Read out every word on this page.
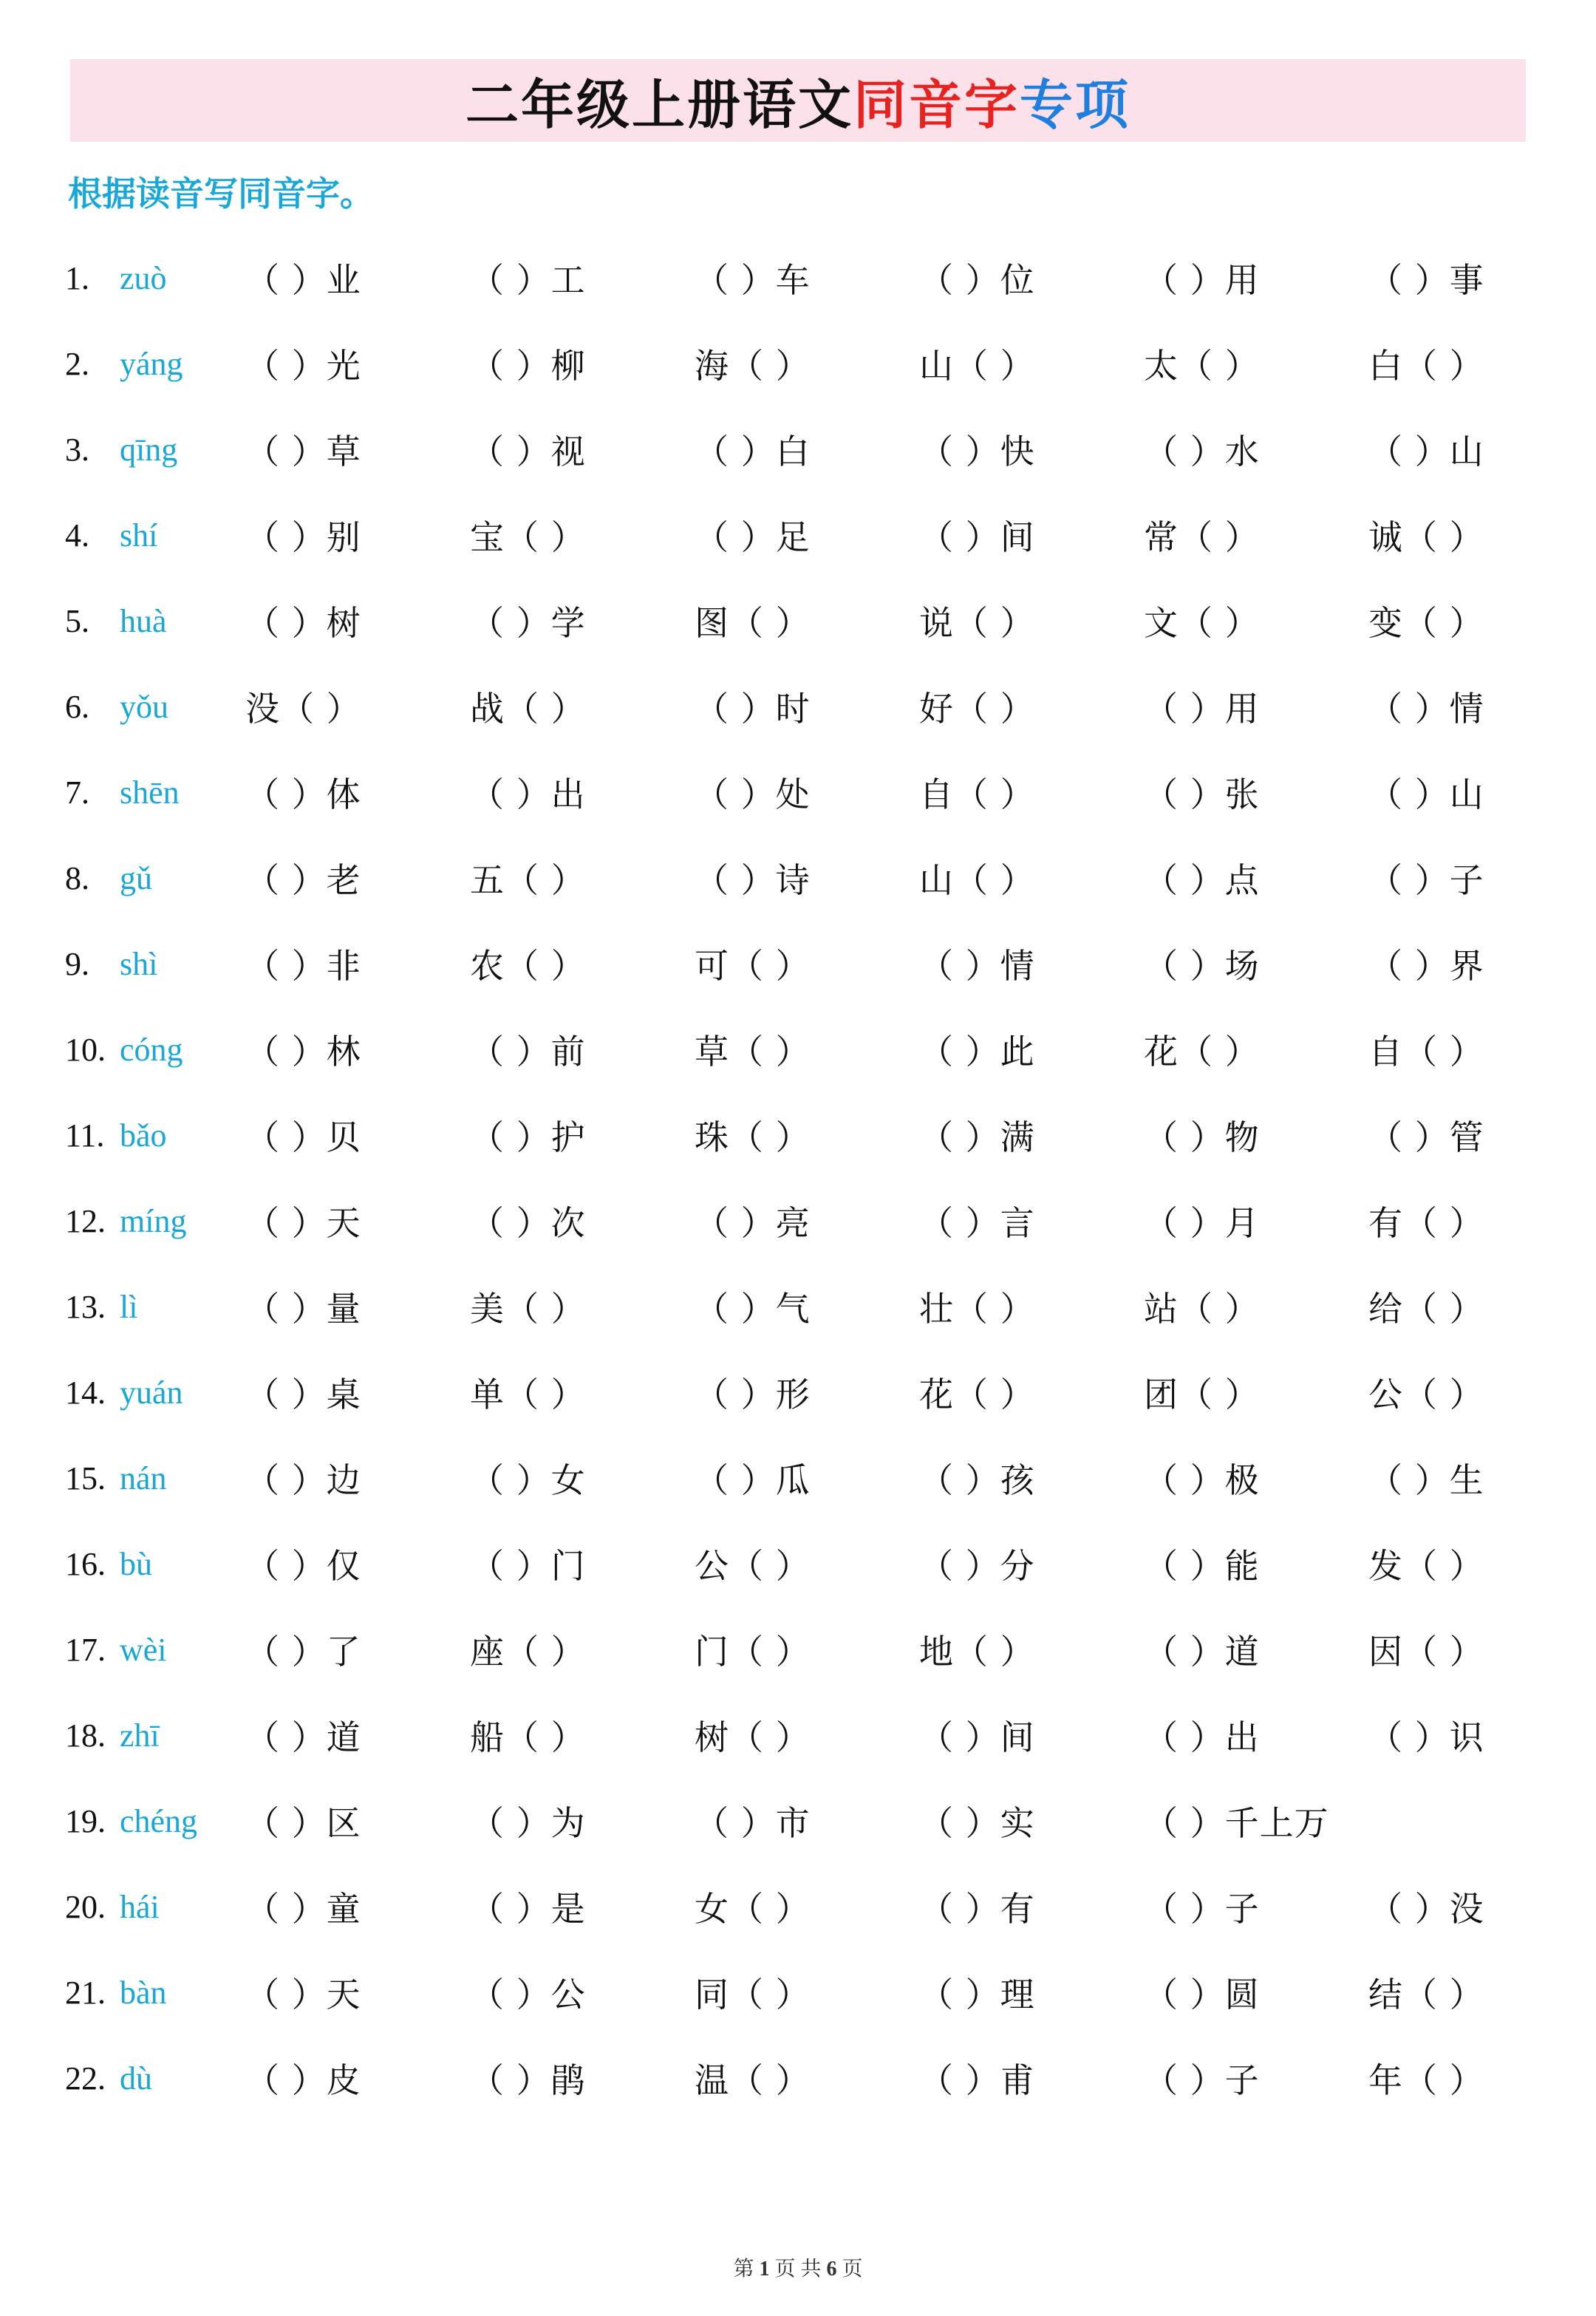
二年级上册语文同音字专项
根据读音写同音字。
1. zuò	（ ）业	（ ）工	（ ）车	（ ）位	（ ）用	（ ）事
2. yáng	（ ）光	（ ）柳	海（ ）	山（ ）	太（ ）	白（ ）
3. qīng	（ ）草	（ ）视	（ ）白	（ ）快	（ ）水	（ ）山
4. shí	（ ）别	宝（ ）	（ ）足	（ ）间	常（ ）	诚（ ）
5. huà	（ ）树	（ ）学	图（ ）	说（ ）	文（ ）	变（ ）
6. yǒu	没（ ）	战（ ）	（ ）时	好（ ）	（ ）用	（ ）情
7. shēn	（ ）体	（ ）出	（ ）处	自（ ）	（ ）张	（ ）山
8. gǔ	（ ）老	五（ ）	（ ）诗	山（ ）	（ ）点	（ ）子
9. shì	（ ）非	农（ ）	可（ ）	（ ）情	（ ）场	（ ）界
10. cóng	（ ）林	（ ）前	草（ ）	（ ）此	花（ ）	自（ ）
11. bǎo	（ ）贝	（ ）护	珠（ ）	（ ）满	（ ）物	（ ）管
12. míng	（ ）天	（ ）次	（ ）亮	（ ）言	（ ）月	有（ ）
13. lì	（ ）量	美（ ）	（ ）气	壮（ ）	站（ ）	给（ ）
14. yuán	（ ）桌	单（ ）	（ ）形	花（ ）	团（ ）	公（ ）
15. nán	（ ）边	（ ）女	（ ）瓜	（ ）孩	（ ）极	（ ）生
16. bù	（ ）仅	（ ）门	公（ ）	（ ）分	（ ）能	发（ ）
17. wèi	（ ）了	座（ ）	门（ ）	地（ ）	（ ）道	因（ ）
18. zhī	（ ）道	船（ ）	树（ ）	（ ）间	（ ）出	（ ）识
19. chéng	（ ）区	（ ）为	（ ）市	（ ）实	（ ）千上万
20. hái	（ ）童	（ ）是	女（ ）	（ ）有	（ ）子	（ ）没
21. bàn	（ ）天	（ ）公	同（ ）	（ ）理	（ ）圆	结（ ）
22. dù	（ ）皮	（ ）鹃	温（ ）	（ ）甫	（ ）子	年（ ）
第 1 页 共 6 页
